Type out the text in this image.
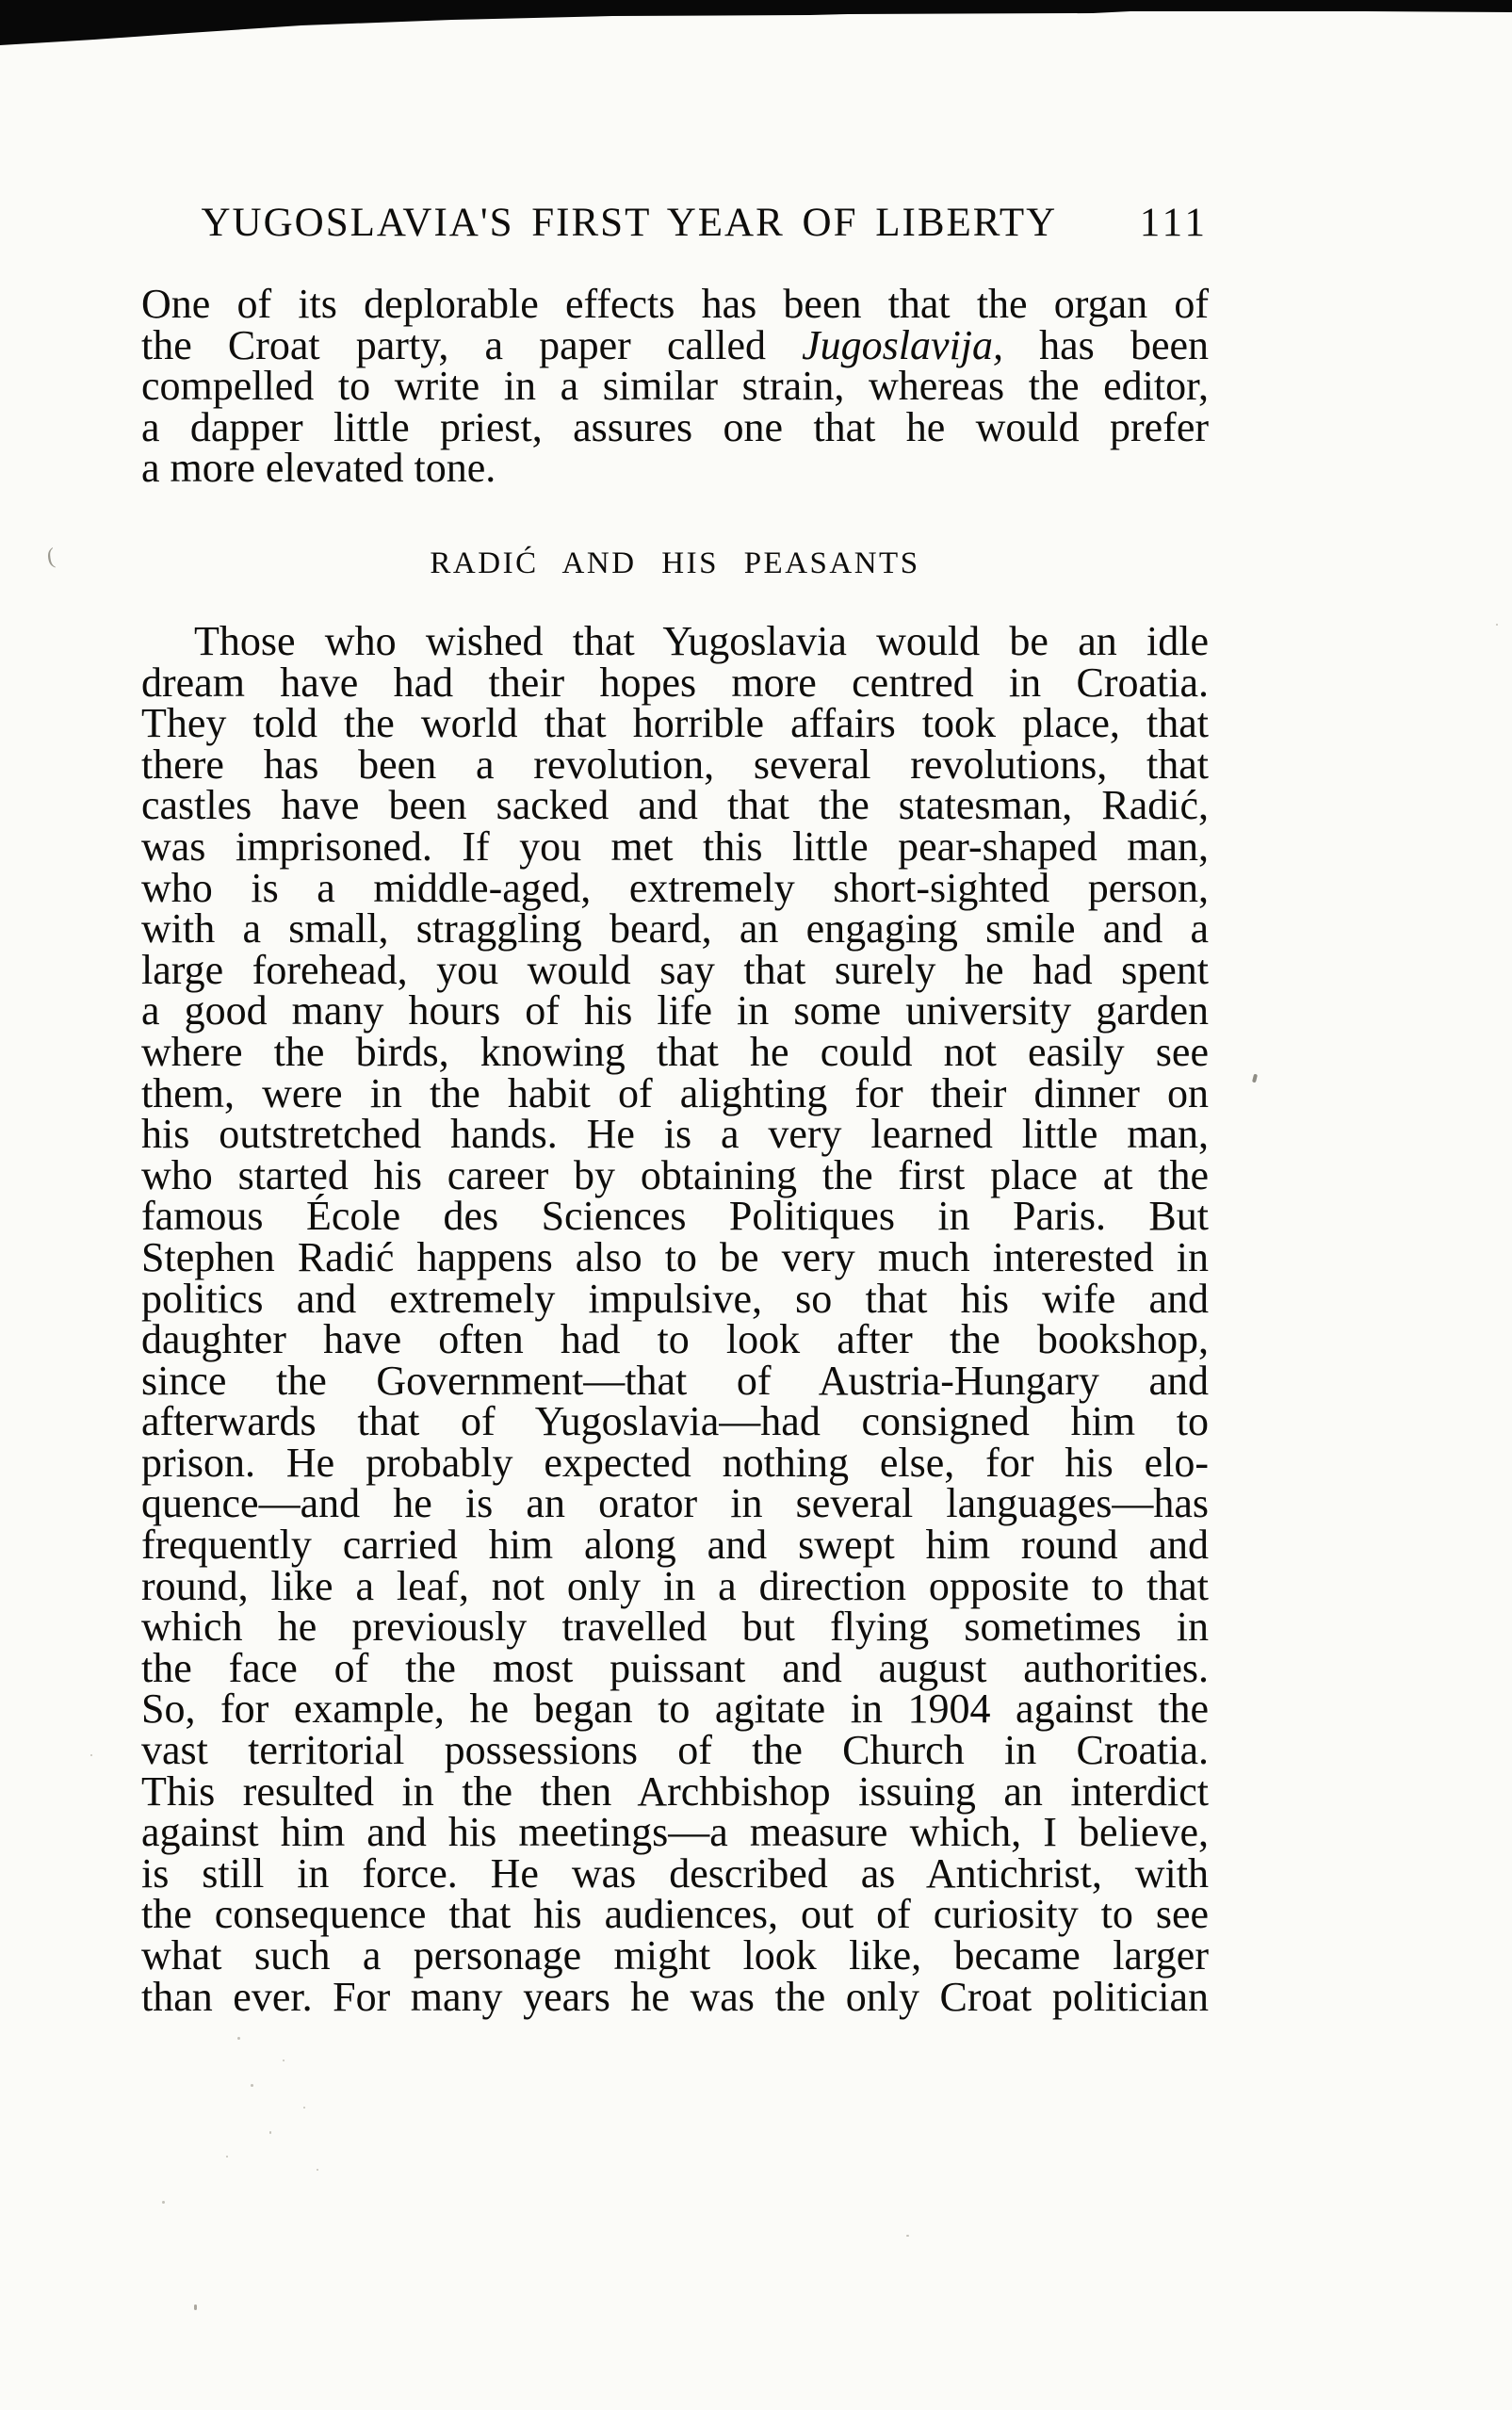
YUGOSLAVIA'S FIRST YEAR OF LIBERTY	111
One of its deplorable effects has been that the organ of
the Croat party, a paper called Jugoslavija, has been
compelled to write in a similar strain, whereas the editor,
a dapper little priest, assures one that he would prefer
a more elevated tone.
(	RADIĆ AND HIS PEASANTS
Those who wished that Yugoslavia would be an idle
dream have had their hopes more centred in Croatia.
They told the world that horrible affairs took place, that
there has been a revolution, several revolutions, that
castles have been sacked and that the statesman, Radić,
was imprisoned. If you met this little pear-shaped man,
who is a middle-aged, extremely short-sighted person,
with a small, straggling beard, an engaging smile and a
large forehead, you would say that surely he had spent
a good many hours of his life in some university garden
where the birds, knowing that he could not easily see
them, were in the habit of alighting for their dinner on
his outstretched hands. He is a very learned little man,
who started his career by obtaining the first place at the
famous École des Sciences Politiques in Paris. But
Stephen Radić happens also to be very much interested in
politics and extremely impulsive, so that his wife and
daughter have often had to look after the bookshop,
since the Government—that of Austria-Hungary and
afterwards that of Yugoslavia—had consigned him to
prison. He probably expected nothing else, for his elo-
quence—and he is an orator in several languages—has
frequently carried him along and swept him round and
round, like a leaf, not only in a direction opposite to that
which he previously travelled but flying sometimes in
the face of the most puissant and august authorities.
So, for example, he began to agitate in 1904 against the
vast territorial possessions of the Church in Croatia.
This resulted in the then Archbishop issuing an interdict
against him and his meetings—a measure which, I believe,
is still in force. He was described as Antichrist, with
the consequence that his audiences, out of curiosity to see
what such a personage might look like, became larger
than ever. For many years he was the only Croat politician
